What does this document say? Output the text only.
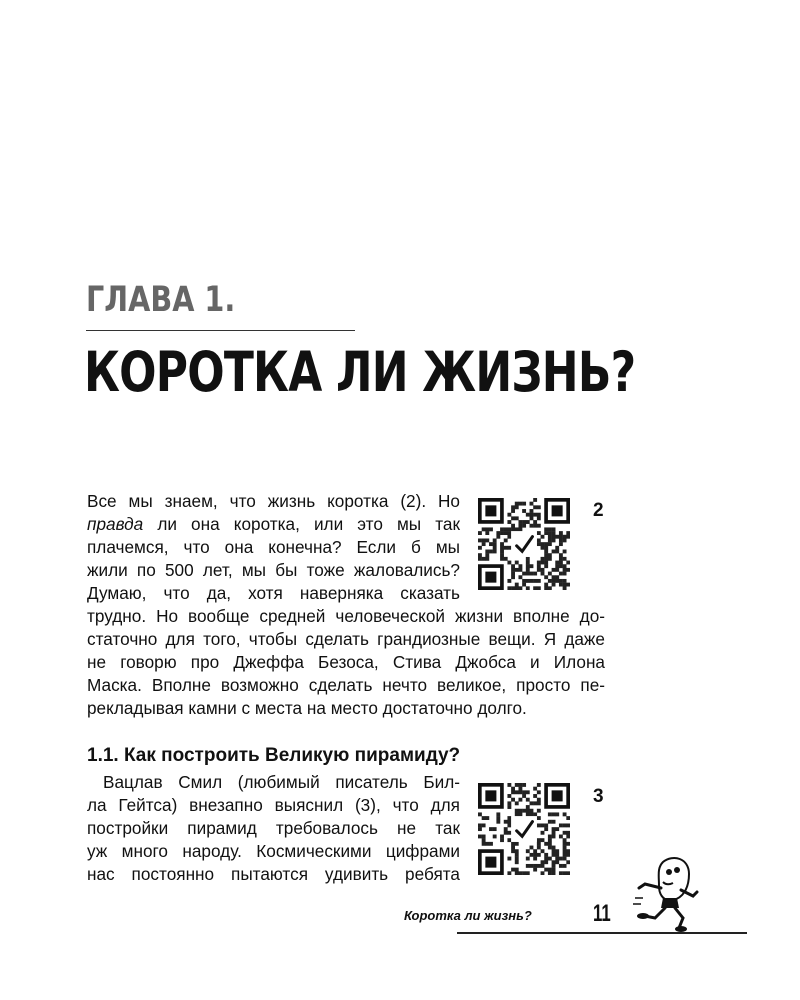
ГЛАВА 1.
КОРОТКА ЛИ ЖИЗНЬ?
Все мы знаем, что жизнь коротка (2). Но
правда ли она коротка, или это мы так
плачемся, что она конечна? Если б мы
жили по 500 лет, мы бы тоже жаловались?
Думаю, что да, хотя наверняка сказать
трудно. Но вообще средней человеческой жизни вполне до-
статочно для того, чтобы сделать грандиозные вещи. Я даже
не говорю про Джеффа Безоса, Стива Джобса и Илона
Маска. Вполне возможно сделать нечто великое, просто пе-
рекладывая камни с места на место достаточно долго.
2
1.1. Как построить Великую пирамиду?
Вацлав Смил (любимый писатель Бил-
ла Гейтса) внезапно выяснил (3), что для
постройки пирамид требовалось не так
уж много народу. Космическими цифрами
нас постоянно пытаются удивить ребята
3
Коротка ли жизнь?	11
